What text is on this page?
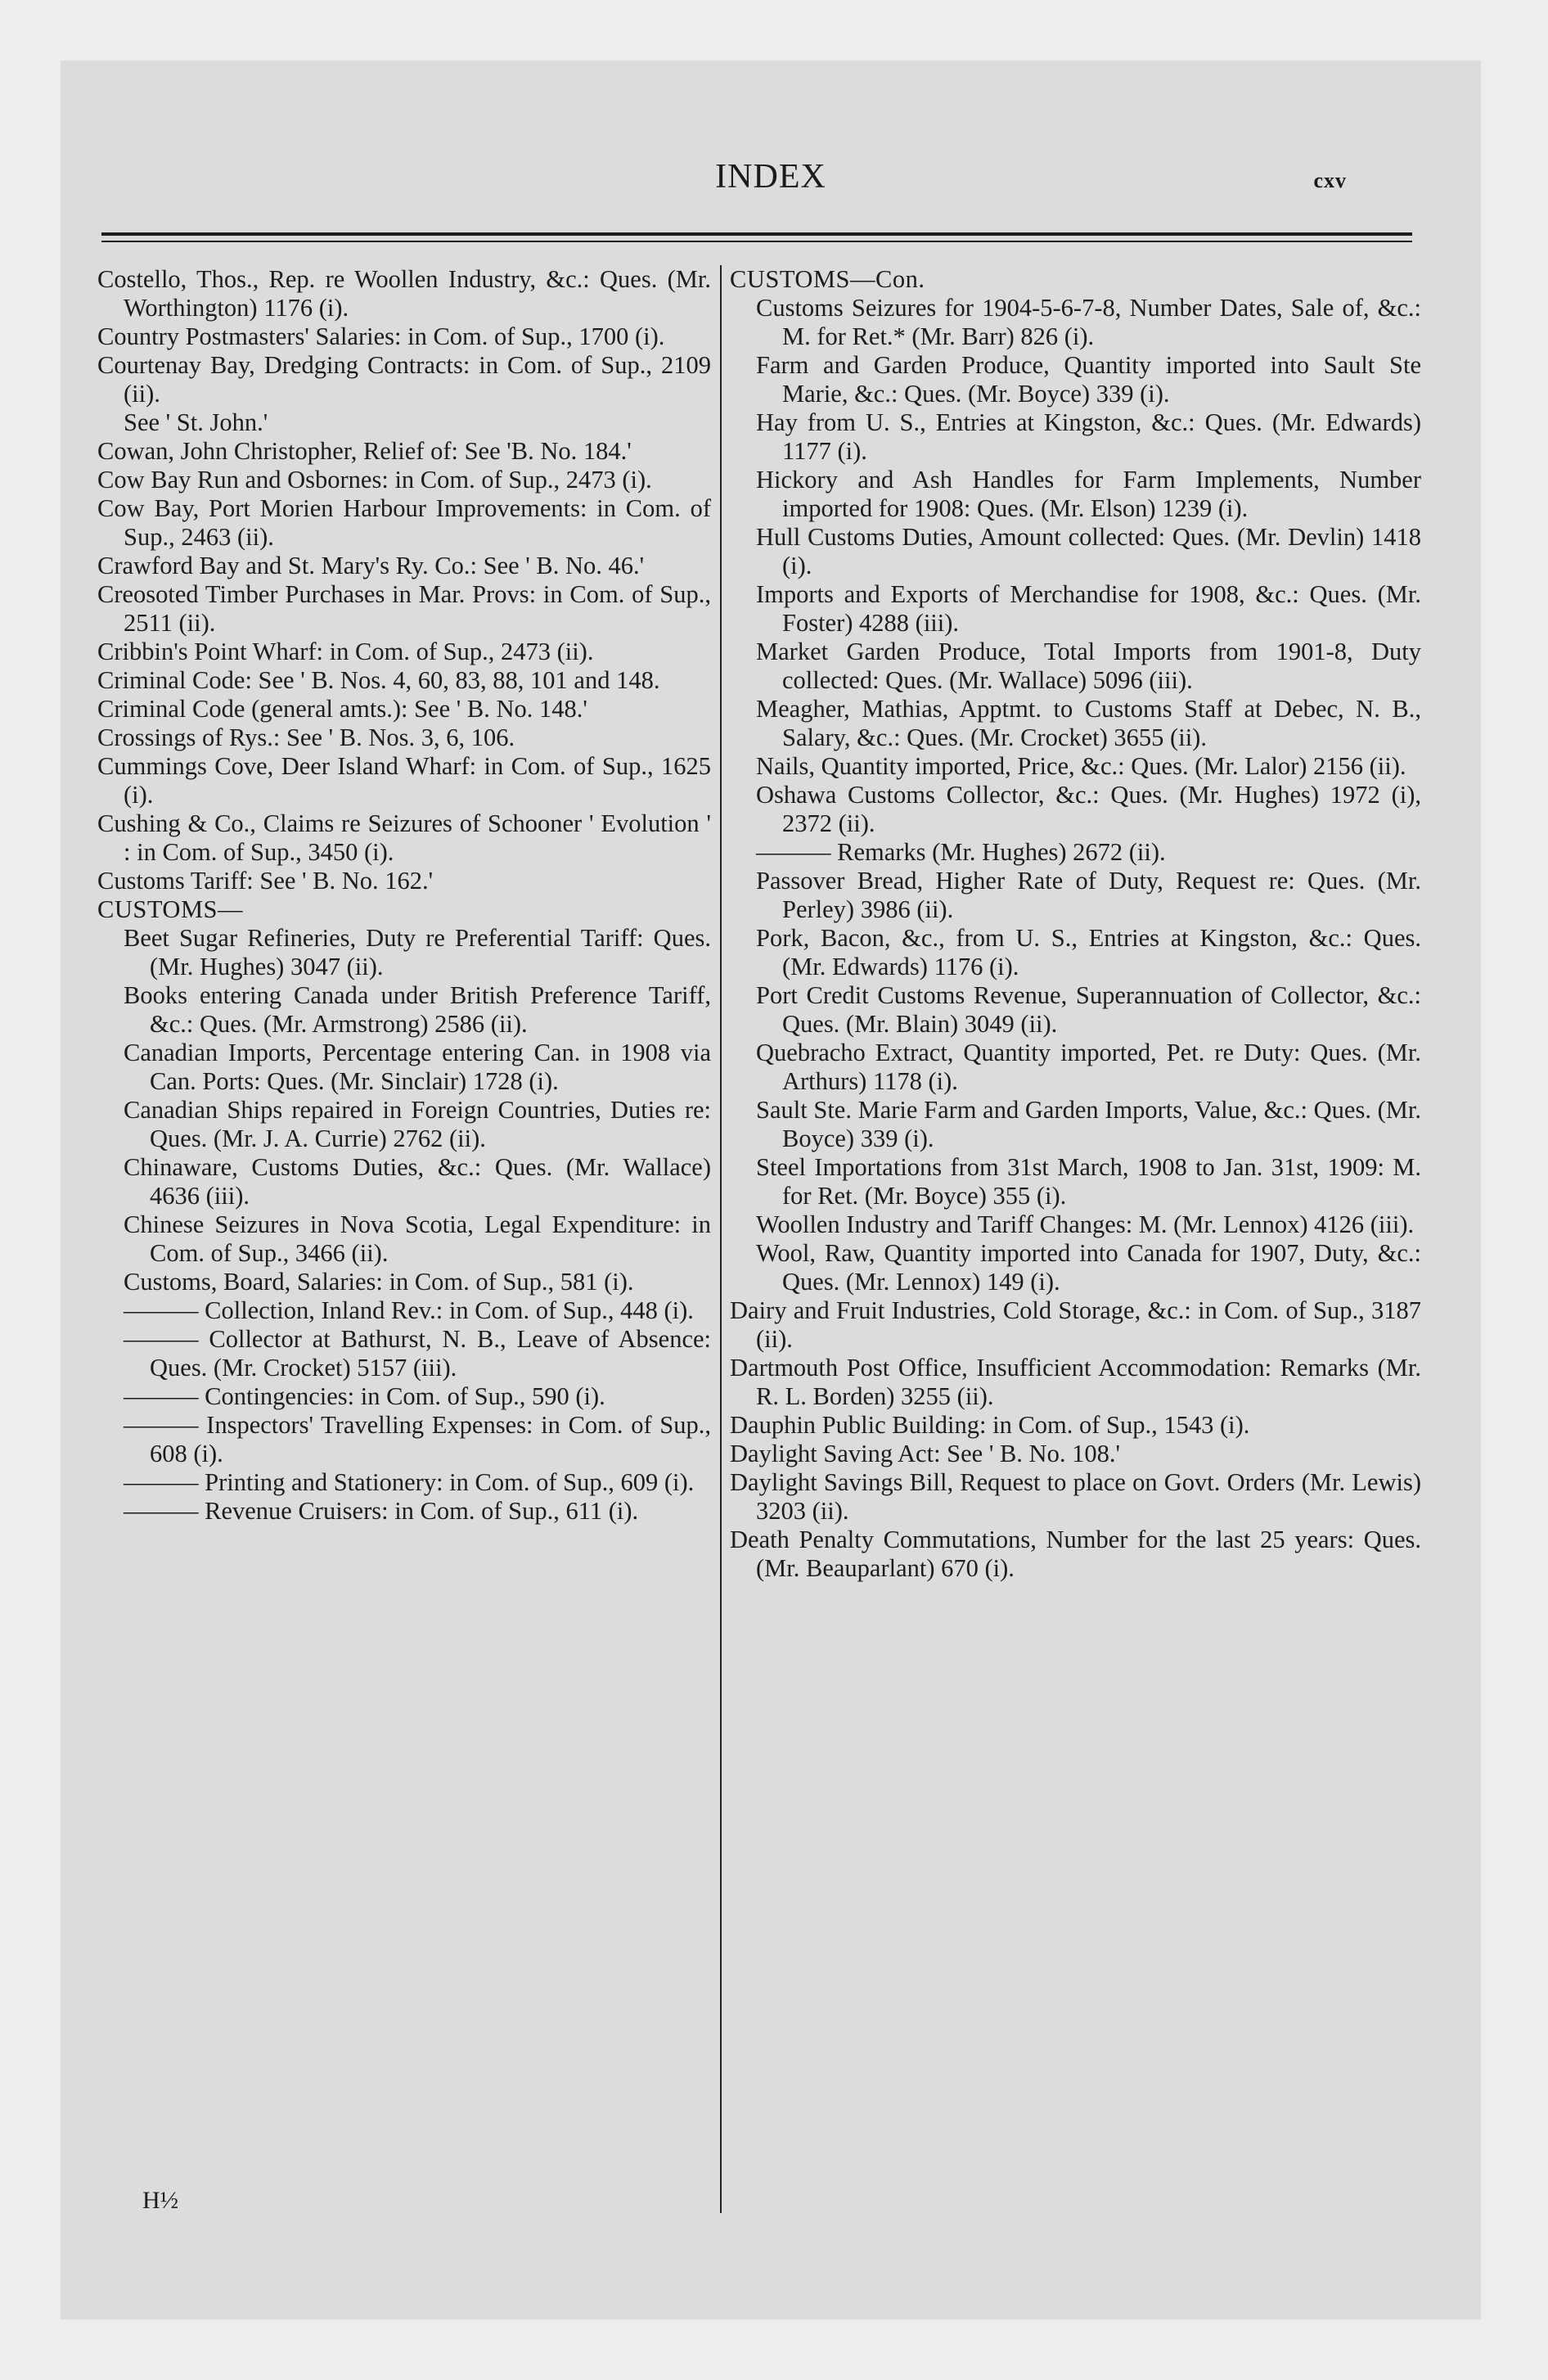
INDEX	cxv
Costello, Thos., Rep. re Woollen Industry, &c.: Ques. (Mr. Worthington) 1176 (i).
Country Postmasters' Salaries: in Com. of Sup., 1700 (i).
Courtenay Bay, Dredging Contracts: in Com. of Sup., 2109 (ii).
See ' St. John.'
Cowan, John Christopher, Relief of: See 'B. No. 184.'
Cow Bay Run and Osbornes: in Com. of Sup., 2473 (i).
Cow Bay, Port Morien Harbour Improvements: in Com. of Sup., 2463 (ii).
Crawford Bay and St. Mary's Ry. Co.: See ' B. No. 46.'
Creosoted Timber Purchases in Mar. Provs: in Com. of Sup., 2511 (ii).
Cribbin's Point Wharf: in Com. of Sup., 2473 (ii).
Criminal Code: See ' B. Nos. 4, 60, 83, 88, 101 and 148.
Criminal Code (general amts.): See ' B. No. 148.'
Crossings of Rys.: See ' B. Nos. 3, 6, 106.
Cummings Cove, Deer Island Wharf: in Com. of Sup., 1625 (i).
Cushing & Co., Claims re Seizures of Schooner ' Evolution ' : in Com. of Sup., 3450 (i).
Customs Tariff: See ' B. No. 162.'
CUSTOMS—
Beet Sugar Refineries, Duty re Preferential Tariff: Ques. (Mr. Hughes) 3047 (ii).
Books entering Canada under British Preference Tariff, &c.: Ques. (Mr. Armstrong) 2586 (ii).
Canadian Imports, Percentage entering Can. in 1908 via Can. Ports: Ques. (Mr. Sinclair) 1728 (i).
Canadian Ships repaired in Foreign Countries, Duties re: Ques. (Mr. J. A. Currie) 2762 (ii).
Chinaware, Customs Duties, &c.: Ques. (Mr. Wallace) 4636 (iii).
Chinese Seizures in Nova Scotia, Legal Expenditure: in Com. of Sup., 3466 (ii).
Customs, Board, Salaries: in Com. of Sup., 581 (i).
——— Collection, Inland Rev.: in Com. of Sup., 448 (i).
——— Collector at Bathurst, N. B., Leave of Absence: Ques. (Mr. Crocket) 5157 (iii).
——— Contingencies: in Com. of Sup., 590 (i).
——— Inspectors' Travelling Expenses: in Com. of Sup., 608 (i).
——— Printing and Stationery: in Com. of Sup., 609 (i).
——— Revenue Cruisers: in Com. of Sup., 611 (i).
CUSTOMS—Con.
Customs Seizures for 1904-5-6-7-8, Number Dates, Sale of, &c.: M. for Ret.* (Mr. Barr) 826 (i).
Farm and Garden Produce, Quantity imported into Sault Ste Marie, &c.: Ques. (Mr. Boyce) 339 (i).
Hay from U. S., Entries at Kingston, &c.: Ques. (Mr. Edwards) 1177 (i).
Hickory and Ash Handles for Farm Implements, Number imported for 1908: Ques. (Mr. Elson) 1239 (i).
Hull Customs Duties, Amount collected: Ques. (Mr. Devlin) 1418 (i).
Imports and Exports of Merchandise for 1908, &c.: Ques. (Mr. Foster) 4288 (iii).
Market Garden Produce, Total Imports from 1901-8, Duty collected: Ques. (Mr. Wallace) 5096 (iii).
Meagher, Mathias, Apptmt. to Customs Staff at Debec, N. B., Salary, &c.: Ques. (Mr. Crocket) 3655 (ii).
Nails, Quantity imported, Price, &c.: Ques. (Mr. Lalor) 2156 (ii).
Oshawa Customs Collector, &c.: Ques. (Mr. Hughes) 1972 (i), 2372 (ii).
——— Remarks (Mr. Hughes) 2672 (ii).
Passover Bread, Higher Rate of Duty, Request re: Ques. (Mr. Perley) 3986 (ii).
Pork, Bacon, &c., from U. S., Entries at Kingston, &c.: Ques. (Mr. Edwards) 1176 (i).
Port Credit Customs Revenue, Superannuation of Collector, &c.: Ques. (Mr. Blain) 3049 (ii).
Quebracho Extract, Quantity imported, Pet. re Duty: Ques. (Mr. Arthurs) 1178 (i).
Sault Ste. Marie Farm and Garden Imports, Value, &c.: Ques. (Mr. Boyce) 339 (i).
Steel Importations from 31st March, 1908 to Jan. 31st, 1909: M. for Ret. (Mr. Boyce) 355 (i).
Woollen Industry and Tariff Changes: M. (Mr. Lennox) 4126 (iii).
Wool, Raw, Quantity imported into Canada for 1907, Duty, &c.: Ques. (Mr. Lennox) 149 (i).
Dairy and Fruit Industries, Cold Storage, &c.: in Com. of Sup., 3187 (ii).
Dartmouth Post Office, Insufficient Accommodation: Remarks (Mr. R. L. Borden) 3255 (ii).
Dauphin Public Building: in Com. of Sup., 1543 (i).
Daylight Saving Act: See ' B. No. 108.'
Daylight Savings Bill, Request to place on Govt. Orders (Mr. Lewis) 3203 (ii).
Death Penalty Commutations, Number for the last 25 years: Ques. (Mr. Beauparlant) 670 (i).
H½
